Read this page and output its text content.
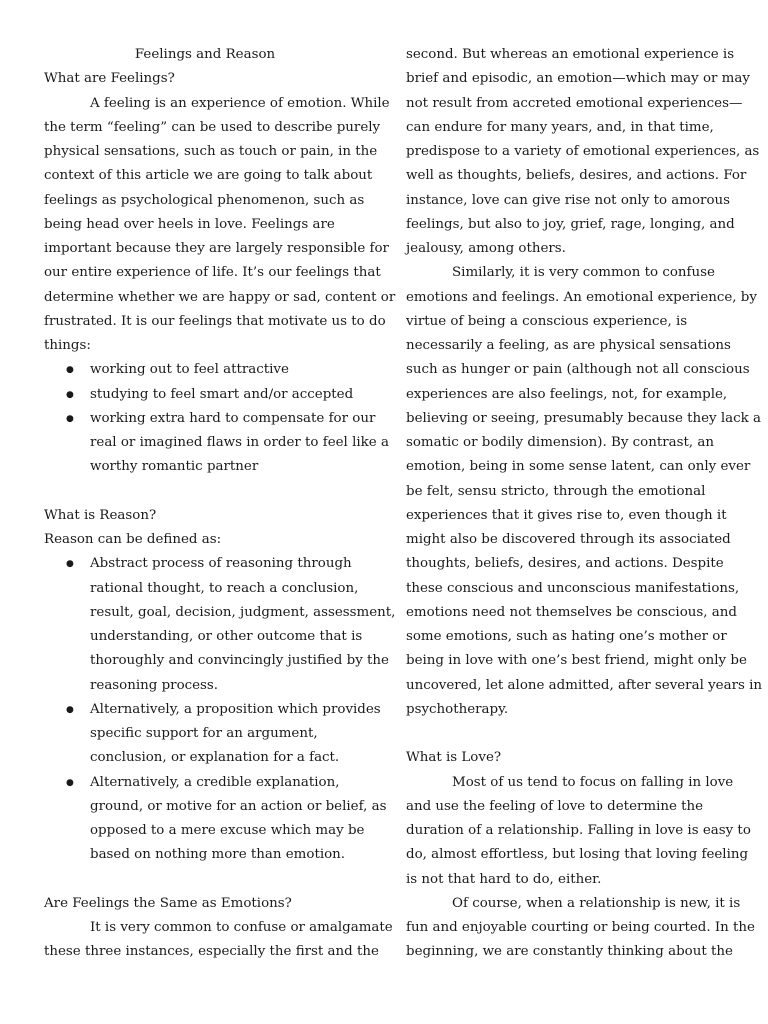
Feelings and Reason

What are Feelings?

A feeling is an experience of emotion. While
the term “feeling” can be used to describe purely
physical sensations, such as touch or pain, in the
context of this article we are going to talk about
feelings as psychological phenomenon, such as
being head over heels in love. Feelings are
important because they are largely responsible for
our entire experience of life. It’s our feelings that
determine whether we are happy or sad, content or
frustrated. It is our feelings that motivate us to do
things:
● working out to feel attractive
● studying to feel smart and/or accepted
● working extra hard to compensate for our
real or imagined flaws in order to feel like a
worthy romantic partner

What is Reason?

Reason can be defined as:

● Abstract process of reasoning through
rational thought, to reach a conclusion,
result, goal, decision, judgment, assessment,
understanding, or other outcome that is
thoroughly and convincingly justified by the
reasoning process.
● Alternatively, a proposition which provides
specific support for an argument,
conclusion, or explanation for a fact.
● Alternatively, a credible explanation,
ground, or motive for an action or belief, as
opposed to a mere excuse which may be
based on nothing more than emotion.

Are Feelings the Same as Emotions?

It is very common to confuse or amalgamate
these three instances, especially the first and the
second. But whereas an emotional experience is
brief and episodic, an emotion—which may or may
not result from accreted emotional experiences—
can endure for many years, and, in that time,
predispose to a variety of emotional experiences, as
well as thoughts, beliefs, desires, and actions. For
instance, love can give rise not only to amorous
feelings, but also to joy, grief, rage, longing, and
jealousy, among others.
Similarly, it is very common to confuse
emotions and feelings. An emotional experience, by
virtue of being a conscious experience, is
necessarily a feeling, as are physical sensations
such as hunger or pain (although not all conscious
experiences are also feelings, not, for example,
believing or seeing, presumably because they lack a
somatic or bodily dimension). By contrast, an
emotion, being in some sense latent, can only ever
be felt, sensu stricto, through the emotional
experiences that it gives rise to, even though it
might also be discovered through its associated
thoughts, beliefs, desires, and actions. Despite
these conscious and unconscious manifestations,
emotions need not themselves be conscious, and
some emotions, such as hating one’s mother or
being in love with one’s best friend, might only be
uncovered, let alone admitted, after several years in
psychotherapy.

What is Love?

Most of us tend to focus on falling in love
and use the feeling of love to determine the
duration of a relationship. Falling in love is easy to
do, almost effortless, but losing that loving feeling
is not that hard to do, either.
Of course, when a relationship is new, it is
fun and enjoyable courting or being courted. In the
beginning, we are constantly thinking about the
